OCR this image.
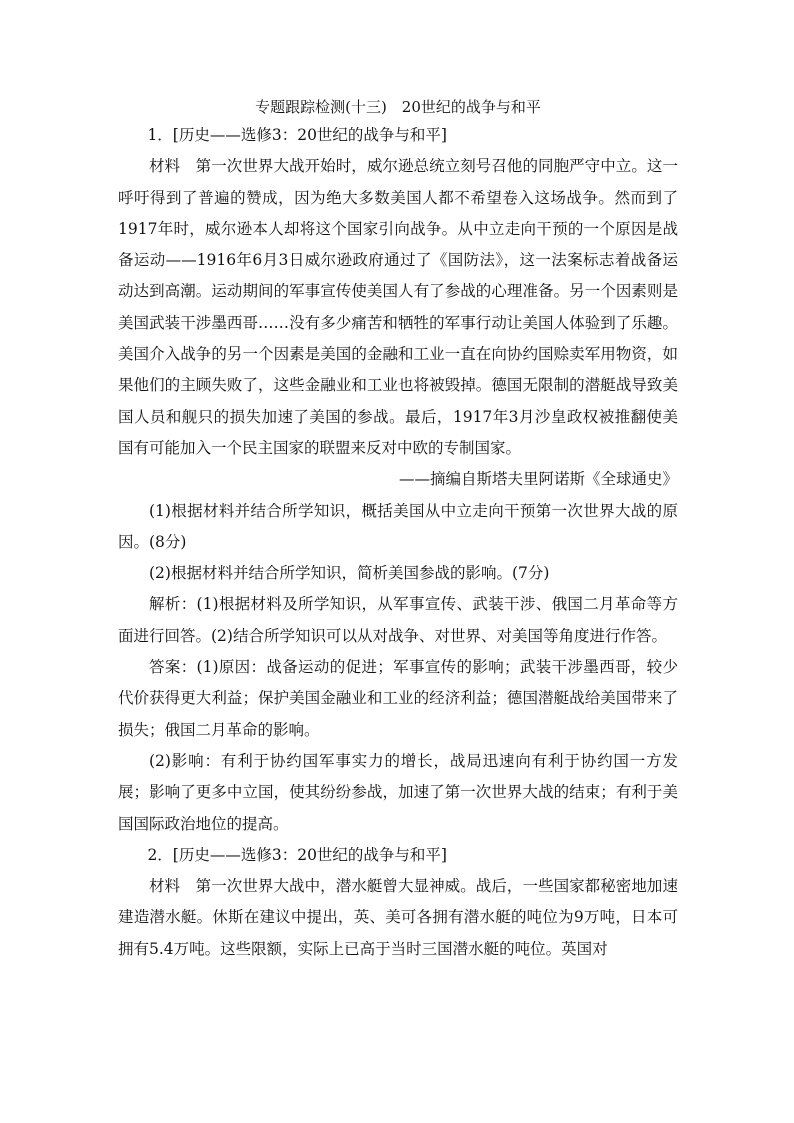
专题跟踪检测(十三)　20世纪的战争与和平

1．[历史——选修3：20世纪的战争与和平]

材料　第一次世界大战开始时，威尔逊总统立刻号召他的同胞严守中立。这一呼吁得到了普遍的赞成，因为绝大多数美国人都不希望卷入这场战争。然而到了1917年时，威尔逊本人却将这个国家引向战争。从中立走向干预的一个原因是战备运动——1916年6月3日威尔逊政府通过了《国防法》，这一法案标志着战备运动达到高潮。运动期间的军事宣传使美国人有了参战的心理准备。另一个因素则是美国武装干涉墨西哥……没有多少痛苦和牺牲的军事行动让美国人体验到了乐趣。美国介入战争的另一个因素是美国的金融和工业一直在向协约国赊卖军用物资，如果他们的主顾失败了，这些金融业和工业也将被毁掉。德国无限制的潜艇战导致美国人员和舰只的损失加速了美国的参战。最后，1917年3月沙皇政权被推翻使美国有可能加入一个民主国家的联盟来反对中欧的专制国家。

——摘编自斯塔夫里阿诺斯《全球通史》

(1)根据材料并结合所学知识，概括美国从中立走向干预第一次世界大战的原因。(8分)

(2)根据材料并结合所学知识，简析美国参战的影响。(7分)

解析：(1)根据材料及所学知识，从军事宣传、武装干涉、俄国二月革命等方面进行回答。(2)结合所学知识可以从对战争、对世界、对美国等角度进行作答。

答案：(1)原因：战备运动的促进；军事宣传的影响；武装干涉墨西哥，较少代价获得更大利益；保护美国金融业和工业的经济利益；德国潜艇战给美国带来了损失；俄国二月革命的影响。

(2)影响：有利于协约国军事实力的增长，战局迅速向有利于协约国一方发展；影响了更多中立国，使其纷纷参战，加速了第一次世界大战的结束；有利于美国国际政治地位的提高。

2．[历史——选修3：20世纪的战争与和平]

材料　第一次世界大战中，潜水艇曾大显神威。战后，一些国家都秘密地加速建造潜水艇。休斯在建议中提出，英、美可各拥有潜水艇的吨位为9万吨，日本可拥有5.4万吨。这些限额，实际上已高于当时三国潜水艇的吨位。英国对
